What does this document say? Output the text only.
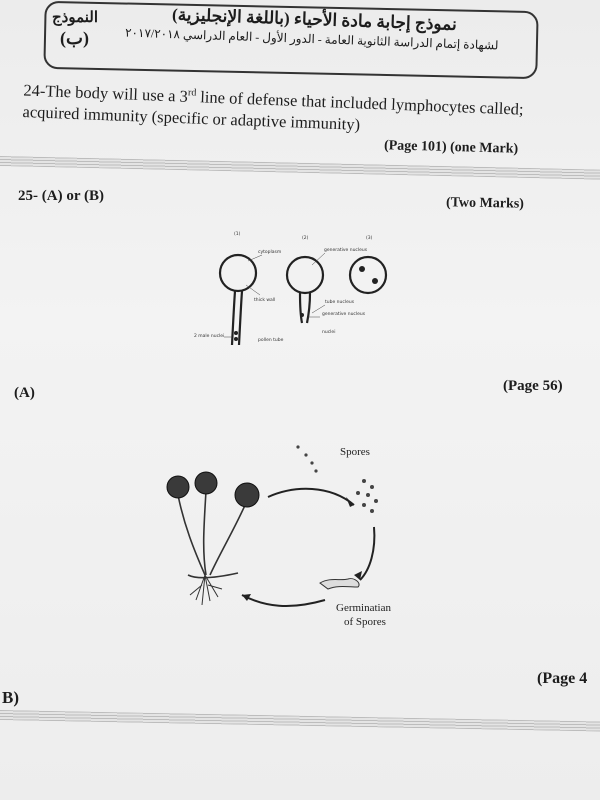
النموذج
(ب)
نموذج إجابة مادة الأحياء (باللغة الإنجليزية)
لشهادة إتمام الدراسة الثانوية العامة - الدور الأول - العام الدراسي ٢٠١٧/٢٠١٨
24-The body will use a 3rd line of defense that included lymphocytes called; acquired immunity (specific or adaptive immunity)
(Page 101) (one Mark)
25- (A) or (B)	(Two Marks)
(1)
(2)	(3)
cytoplasm	generative nucleus
thick wall	tube nucleus
generative nucleus
nuclei
2 male nuclei
pollen tube
(A)	(Page 56)
Spores
Germinatian
of Spores
(Page 4
B)
